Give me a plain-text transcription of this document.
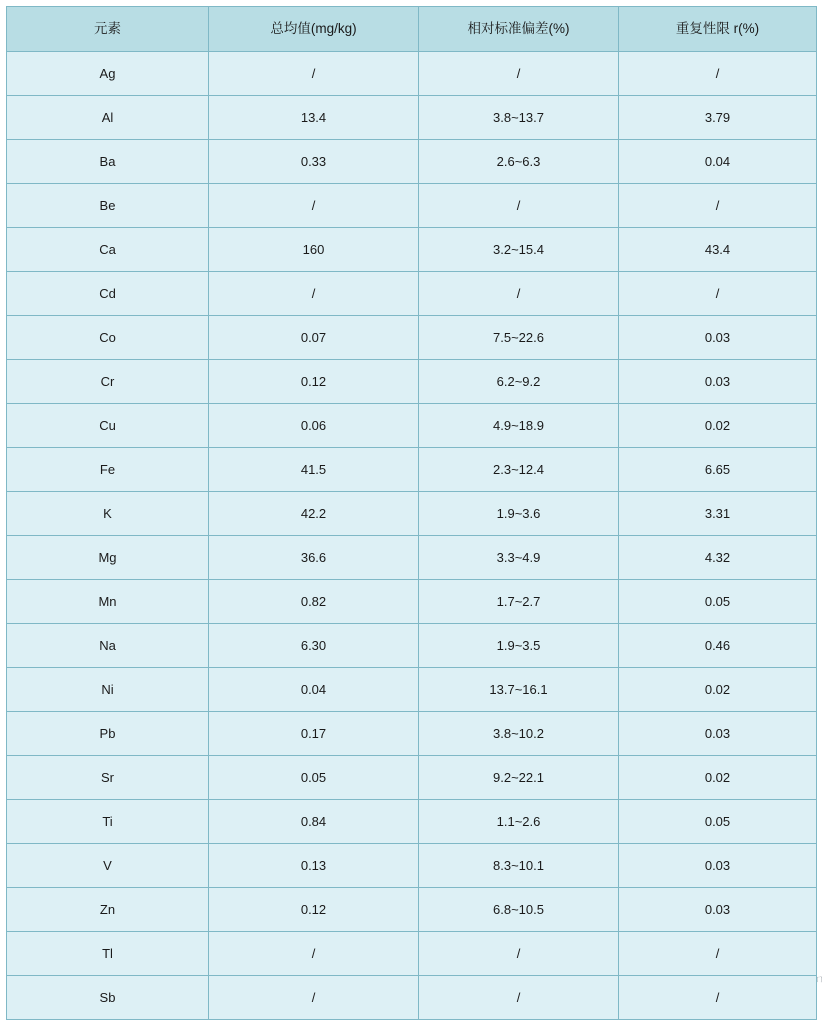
元素	总均值(mg/kg)	相对标准偏差(%)	重复性限 r(%)
Ag	/	/	/
Al	13.4	3.8~13.7	3.79
Ba	0.33	2.6~6.3	0.04
Be	/	/	/
Ca	160	3.2~15.4	43.4
Cd	/	/	/
Co	0.07	7.5~22.6	0.03
Cr	0.12	6.2~9.2	0.03
Cu	0.06	4.9~18.9	0.02
Fe	41.5	2.3~12.4	6.65
K	42.2	1.9~3.6	3.31
Mg	36.6	3.3~4.9	4.32
Mn	0.82	1.7~2.7	0.05
Na	6.30	1.9~3.5	0.46
Ni	0.04	13.7~16.1	0.02
Pb	0.17	3.8~10.2	0.03
Sr	0.05	9.2~22.1	0.02
Ti	0.84	1.1~2.6	0.05
V	0.13	8.3~10.1	0.03
Zn	0.12	6.8~10.5	0.03
Tl	/	/	/
Sb	/	/	/
ㄇ
